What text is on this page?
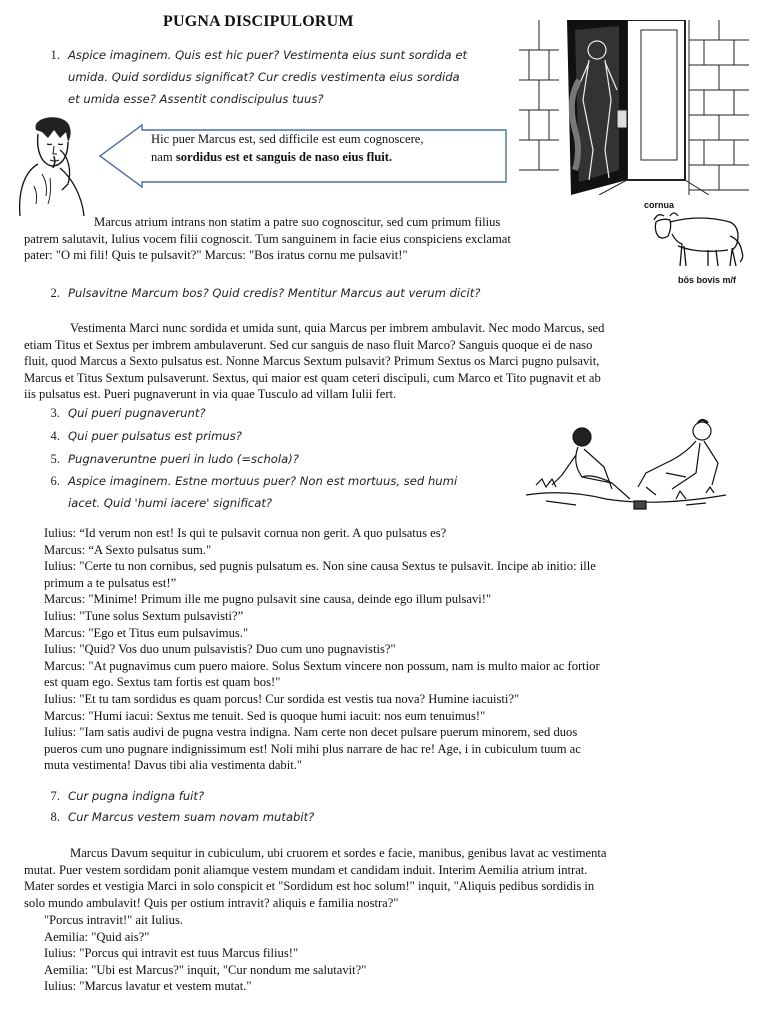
PUGNA DISCIPULORUM
1. Aspice imaginem. Quis est hic puer? Vestimenta eius sunt sordida et
umida. Quid sordidus significat? Cur credis vestimenta eius sordida
et umida esse? Assentit condiscipulus tuus?
Hic puer Marcus est, sed difficile est eum cognoscere,
nam sordidus est et sanguis de naso eius fluit.
cornua
bōs bovis m/f

Marcus atrium intrans non statim a patre suo cognoscitur, sed cum primum filius

patrem salutavit, Iulius vocem filii cognoscit. Tum sanguinem in facie eius conspiciens exclamat

pater: "O mi fili! Quis te pulsavit?" Marcus: "Bos iratus cornu me pulsavit!"

2. Pulsavitne Marcum bos? Quid credis? Mentitur Marcus aut verum dicit?

Vestimenta Marci nunc sordida et umida sunt, quia Marcus per imbrem ambulavit. Nec modo Marcus, sed

etiam Titus et Sextus per imbrem ambulaverunt. Sed cur sanguis de naso fluit Marco? Sanguis quoque ei de naso

fluit, quod Marcus a Sexto pulsatus est. Nonne Marcus Sextum pulsavit? Primum Sextus os Marci pugno pulsavit,

Marcus et Titus Sextum pulsaverunt. Sextus, qui maior est quam ceteri discipuli, cum Marco et Tito pugnavit et ab

iis pulsatus est. Pueri pugnaverunt in via quae Tusculo ad villam Iulii fert.

3. Qui pueri pugnaverunt?
4. Qui puer pulsatus est primus?
5. Pugnaveruntne pueri in ludo (=schola)?
6. Aspice imaginem. Estne mortuus puer? Non est mortuus, sed humi
iacet. Quid 'humi iacere' significat?
Iulius: “Id verum non est! Is qui te pulsavit cornua non gerit. A quo pulsatus es?
Marcus: “A Sexto pulsatus sum."
Iulius: "Certe tu non cornibus, sed pugnis pulsatum es. Non sine causa Sextus te pulsavit. Incipe ab initio: ille
primum a te pulsatus est!”
Marcus: "Minime! Primum ille me pugno pulsavit sine causa, deinde ego illum pulsavi!"
Iulius: "Tune solus Sextum pulsavisti?”
Marcus: "Ego et Titus eum pulsavimus."
Iulius: "Quid? Vos duo unum pulsavistis? Duo cum uno pugnavistis?"
Marcus: "At pugnavimus cum puero maiore. Solus Sextum vincere non possum, nam is multo maior ac fortior
est quam ego. Sextus tam fortis est quam bos!"
Iulius: "Et tu tam sordidus es quam porcus! Cur sordida est vestis tua nova? Humine iacuisti?"
Marcus: "Humi iacui: Sextus me tenuit. Sed is quoque humi iacuit: nos eum tenuimus!"
Iulius: "Iam satis audivi de pugna vestra indigna. Nam certe non decet pulsare puerum minorem, sed duos
pueros cum uno pugnare indignissimum est! Noli mihi plus narrare de hac re! Age, i in cubiculum tuum ac
muta vestimenta! Davus tibi alia vestimenta dabit."
7. Cur pugna indigna fuit?
8. Cur Marcus vestem suam novam mutabit?

Marcus Davum sequitur in cubiculum, ubi cruorem et sordes e facie, manibus, genibus lavat ac vestimenta

mutat. Puer vestem sordidam ponit aliamque vestem mundam et candidam induit. Interim Aemilia atrium intrat.

Mater sordes et vestigia Marci in solo conspicit et "Sordidum est hoc solum!" inquit, "Aliquis pedibus sordidis in

solo mundo ambulavit! Quis per ostium intravit? aliquis e familia nostra?"

"Porcus intravit!" ait Iulius.
Aemilia: "Quid ais?"
Iulius: "Porcus qui intravit est tuus Marcus filius!"
Aemilia: "Ubi est Marcus?" inquit, "Cur nondum me salutavit?"
Iulius: "Marcus lavatur et vestem mutat."
